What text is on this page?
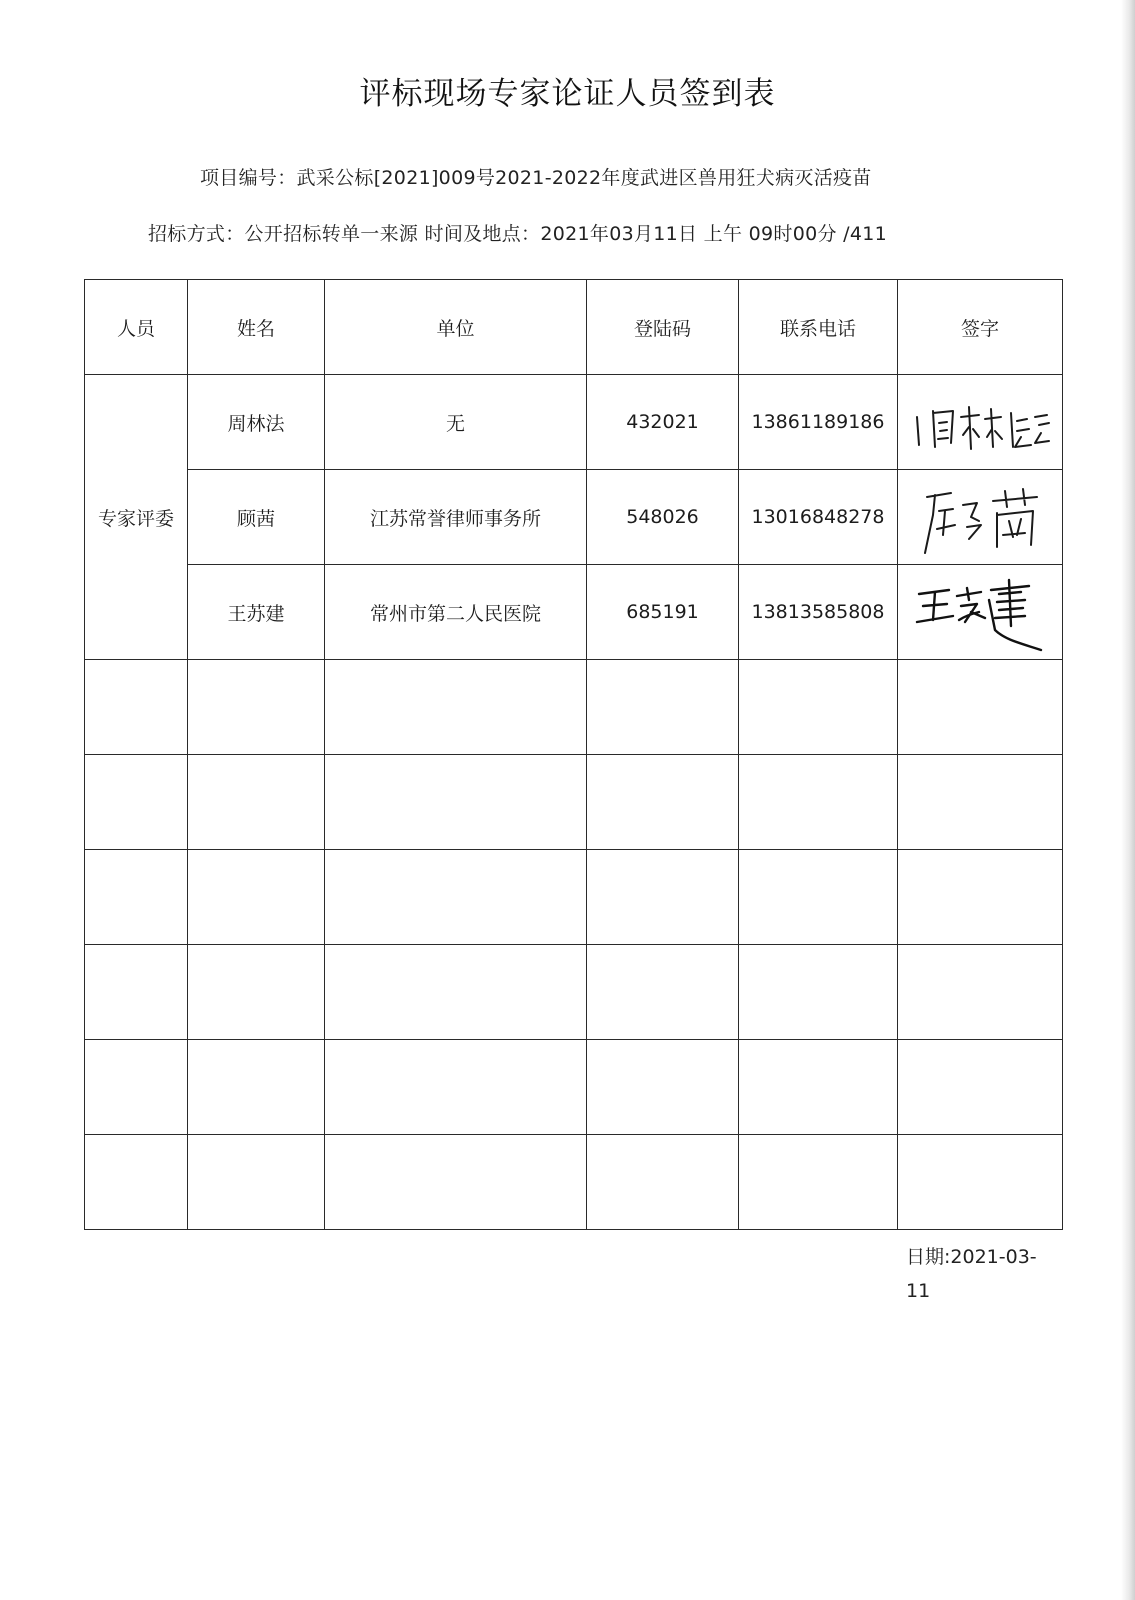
评标现场专家论证人员签到表
项目编号：武采公标[2021]009号2021-2022年度武进区兽用狂犬病灭活疫苗
招标方式：公开招标转单一来源 时间及地点：2021年03月11日 上午 09时00分 /411
人员	姓名	单位	登陆码	联系电话	签字
专家评委	周林法	无	432021	13861189186	

	顾茜	江苏常誉律师事务所	548026	13016848278	

	王苏建	常州市第二人民医院	685191	13813585808	

日期:2021-03-
11
